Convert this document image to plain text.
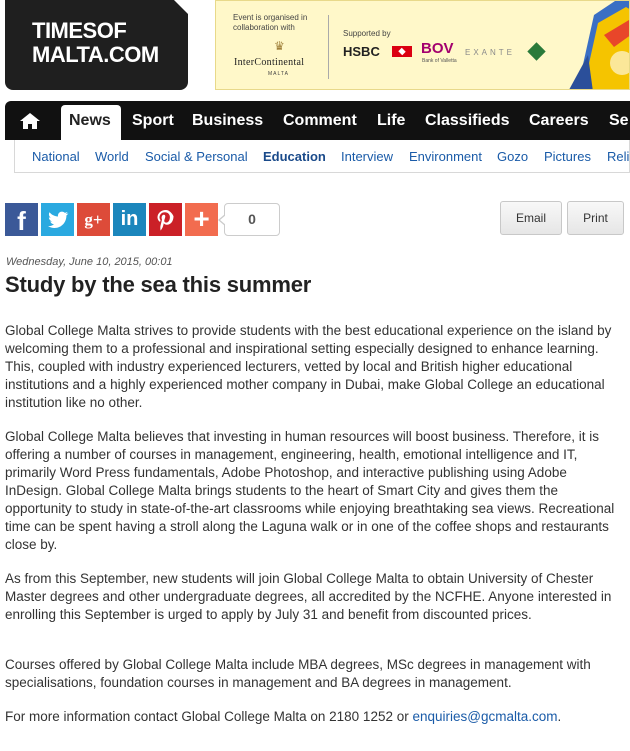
TIMESOF
MALTA.COM
Event is organised in collaboration with
♛
InterContinental
MALTA
Supported by
HSBC	BOV
Bank of Valletta
EXANTE
News	Sport Business Comment Life Classifieds Careers Se
National World Social & Personal Education Interview Environment Gozo Pictures Reli
f	g+ in +	0	Email	Print
Wednesday, June 10, 2015, 00:01
Study by the sea this summer
Global College Malta strives to provide students with the best educational experience on the island by welcoming them to a professional and inspirational setting especially designed to enhance learning. This, coupled with industry experienced lecturers, vetted by local and British higher educational institutions and a highly experienced mother company in Dubai, make Global College an educational institution like no other.
Global College Malta believes that investing in human resources will boost business. Therefore, it is offering a number of courses in management, engineering, health, emotional intelligence and IT, primarily Word Press fundamentals, Adobe Photoshop, and interactive publishing using Adobe InDesign. Global College Malta brings students to the heart of Smart City and gives them the opportunity to study in state-of-the-art classrooms while enjoying breathtaking sea views. Recreational time can be spent having a stroll along the Laguna walk or in one of the coffee shops and restaurants close by.
As from this September, new students will join Global College Malta to obtain University of Chester Master degrees and other undergraduate degrees, all accredited by the NCFHE. Anyone interested in enrolling this September is urged to apply by July 31 and benefit from discounted prices.
Courses offered by Global College Malta include MBA degrees, MSc degrees in management with specialisations, foundation courses in management and BA degrees in management.
For more information contact Global College Malta on 2180 1252 or enquiries@gcmalta.com.
